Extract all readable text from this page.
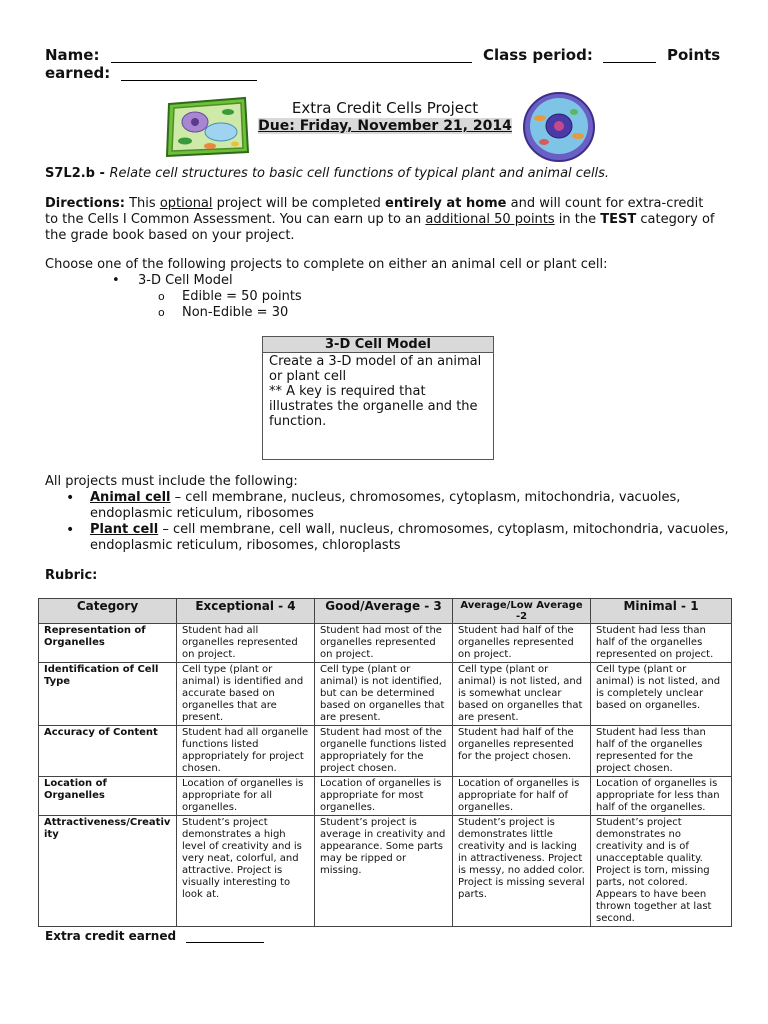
Name:	Class period:	Points
earned:
Extra Credit Cells Project
Due: Friday, November 21, 2014
S7L2.b - Relate cell structures to basic cell functions of typical plant and animal cells.
Directions: This optional project will be completed entirely at home and will count for extra-credit to the Cells I Common Assessment. You can earn up to an additional 50 points in the TEST category of the grade book based on your project.
Choose one of the following projects to complete on either an animal cell or plant cell:
• 3-D Cell Model
o Edible = 50 points
o Non-Edible = 30
3-D Cell Model
Create a 3-D model of an animal or plant cell
** A key is required that illustrates the organelle and the function.
All projects must include the following:
• Animal cell – cell membrane, nucleus, chromosomes, cytoplasm, mitochondria, vacuoles, endoplasmic reticulum, ribosomes
• Plant cell – cell membrane, cell wall, nucleus, chromosomes, cytoplasm, mitochondria, vacuoles, endoplasmic reticulum, ribosomes, chloroplasts
Rubric:
Category	Exceptional - 4	Good/Average - 3	Average/Low Average -2	Minimal - 1
Representation of Organelles	Student had all organelles represented on project.	Student had most of the organelles represented on project.	Student had half of the organelles represented on project.	Student had less than half of the organelles represented on project.
Identification of Cell Type	Cell type (plant or animal) is identified and accurate based on organelles that are present.	Cell type (plant or animal) is not identified, but can be determined based on organelles that are present.	Cell type (plant or animal) is not listed, and is somewhat unclear based on organelles that are present.	Cell type (plant or animal) is not listed, and is completely unclear based on organelles.
Accuracy of Content	Student had all organelle functions listed appropriately for project chosen.	Student had most of the organelle functions listed appropriately for the project chosen.	Student had half of the organelles represented for the project chosen.	Student had less than half of the organelles represented for the project chosen.
Location of Organelles	Location of organelles is appropriate for all organelles.	Location of organelles is appropriate for most organelles.	Location of organelles is appropriate for half of organelles.	Location of organelles is appropriate for less than half of the organelles.
Attractiveness/Creativity	Student’s project demonstrates a high level of creativity and is very neat, colorful, and attractive. Project is visually interesting to look at.	Student’s project is average in creativity and appearance. Some parts may be ripped or missing.	Student’s project is demonstrates little creativity and is lacking in attractiveness. Project is messy, no added color. Project is missing several parts.	Student’s project demonstrates no creativity and is of unacceptable quality. Project is torn, missing parts, not colored. Appears to have been thrown together at last second.
Extra credit earned
